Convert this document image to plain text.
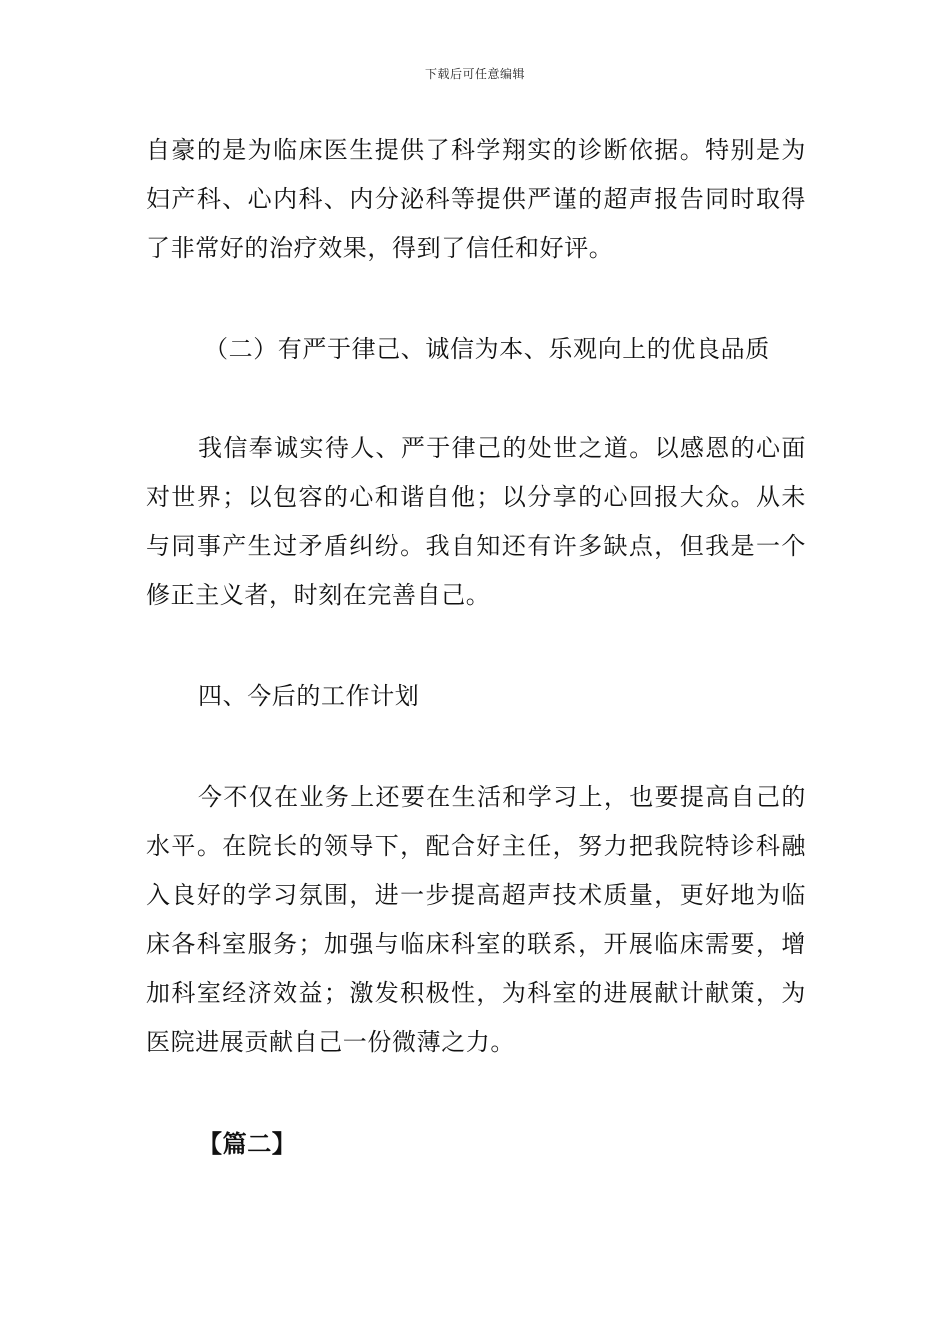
下载后可任意编辑

自豪的是为临床医生提供了科学翔实的诊断依据。特别是为妇产科、心内科、内分泌科等提供严谨的超声报告同时取得了非常好的治疗效果，得到了信任和好评。

（二）有严于律己、诚信为本、乐观向上的优良品质

我信奉诚实待人、严于律己的处世之道。以感恩的心面对世界；以包容的心和谐自他；以分享的心回报大众。从未与同事产生过矛盾纠纷。我自知还有许多缺点，但我是一个修正主义者，时刻在完善自己。

四、今后的工作计划

今不仅在业务上还要在生活和学习上，也要提高自己的水平。在院长的领导下，配合好主任，努力把我院特诊科融入良好的学习氛围，进一步提高超声技术质量，更好地为临床各科室服务；加强与临床科室的联系，开展临床需要，增加科室经济效益；激发积极性，为科室的进展献计献策，为医院进展贡献自己一份微薄之力。

【篇二】
